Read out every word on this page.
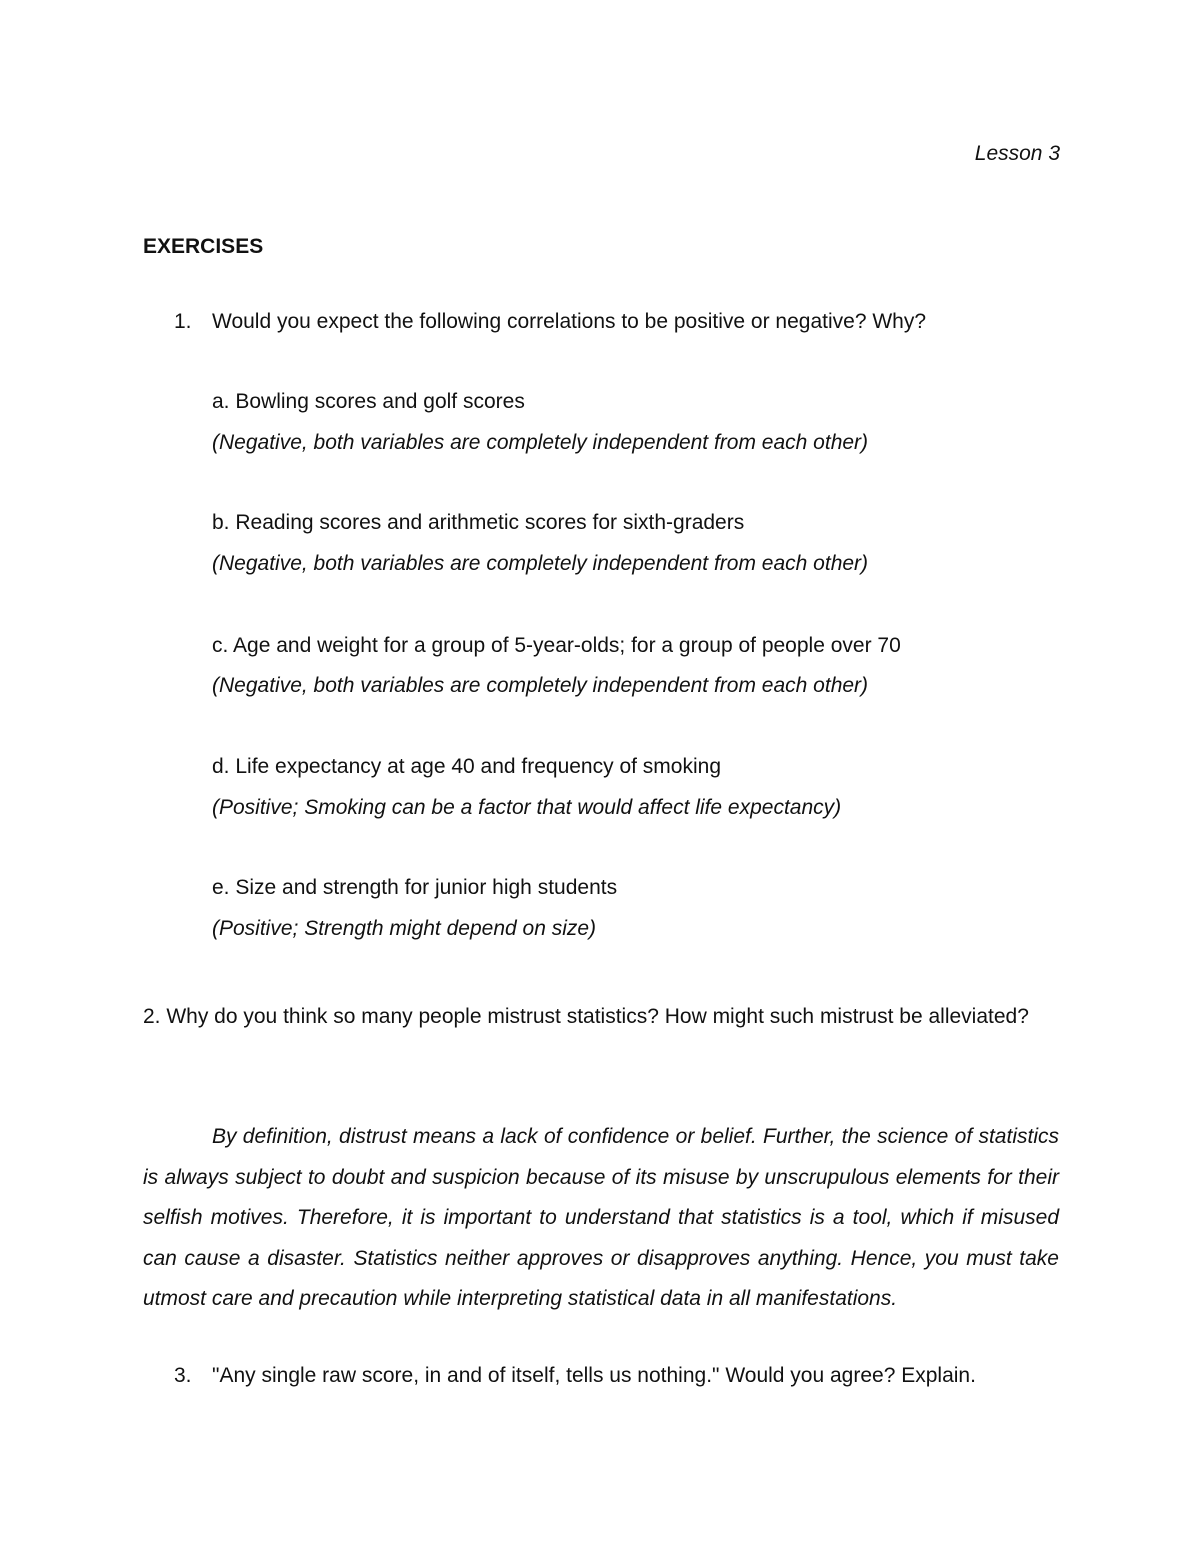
Lesson 3
EXERCISES
1. Would you expect the following correlations to be positive or negative? Why?
a. Bowling scores and golf scores
(Negative, both variables are completely independent from each other)
b. Reading scores and arithmetic scores for sixth-graders
(Negative, both variables are completely independent from each other)
c. Age and weight for a group of 5-year-olds; for a group of people over 70
(Negative, both variables are completely independent from each other)
d. Life expectancy at age 40 and frequency of smoking
(Positive; Smoking can be a factor that would affect life expectancy)
e. Size and strength for junior high students
(Positive; Strength might depend on size)
2. Why do you think so many people mistrust statistics? How might such mistrust be alleviated?
By definition, distrust means a lack of confidence or belief. Further, the science of statistics is always subject to doubt and suspicion because of its misuse by unscrupulous elements for their selfish motives. Therefore, it is important to understand that statistics is a tool, which if misused can cause a disaster. Statistics neither approves or disapproves anything. Hence, you must take utmost care and precaution while interpreting statistical data in all manifestations.
3. "Any single raw score, in and of itself, tells us nothing." Would you agree? Explain.
